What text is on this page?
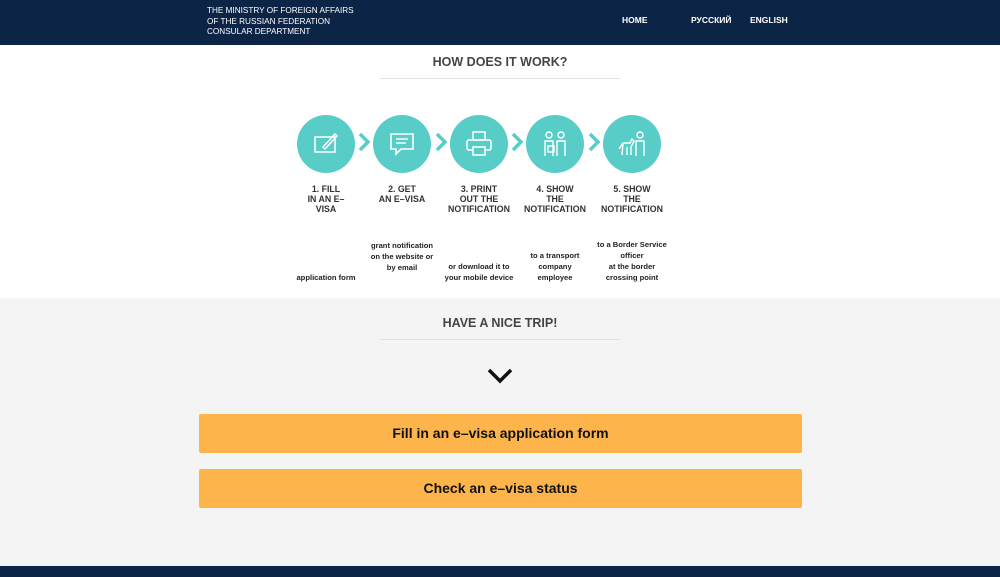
THE MINISTRY OF FOREIGN AFFAIRS
OF THE RUSSIAN FEDERATION
CONSULAR DEPARTMENT
HOME	РУССКИЙ ENGLISH
HOW DOES IT WORK?
1. FILL
IN AN E–
VISA
2. GET
AN E–VISA
3. PRINT
OUT THE
NOTIFICATION
4. SHOW
THE
NOTIFICATION
5. SHOW
THE
NOTIFICATION
application form
grant notification
on the website or
by email	or download it to
your mobile device
to a transport
company
employee
to a Border Service
officer
at the border
crossing point
HAVE A NICE TRIP!
Fill in an e–visa application form
Check an e–visa status
